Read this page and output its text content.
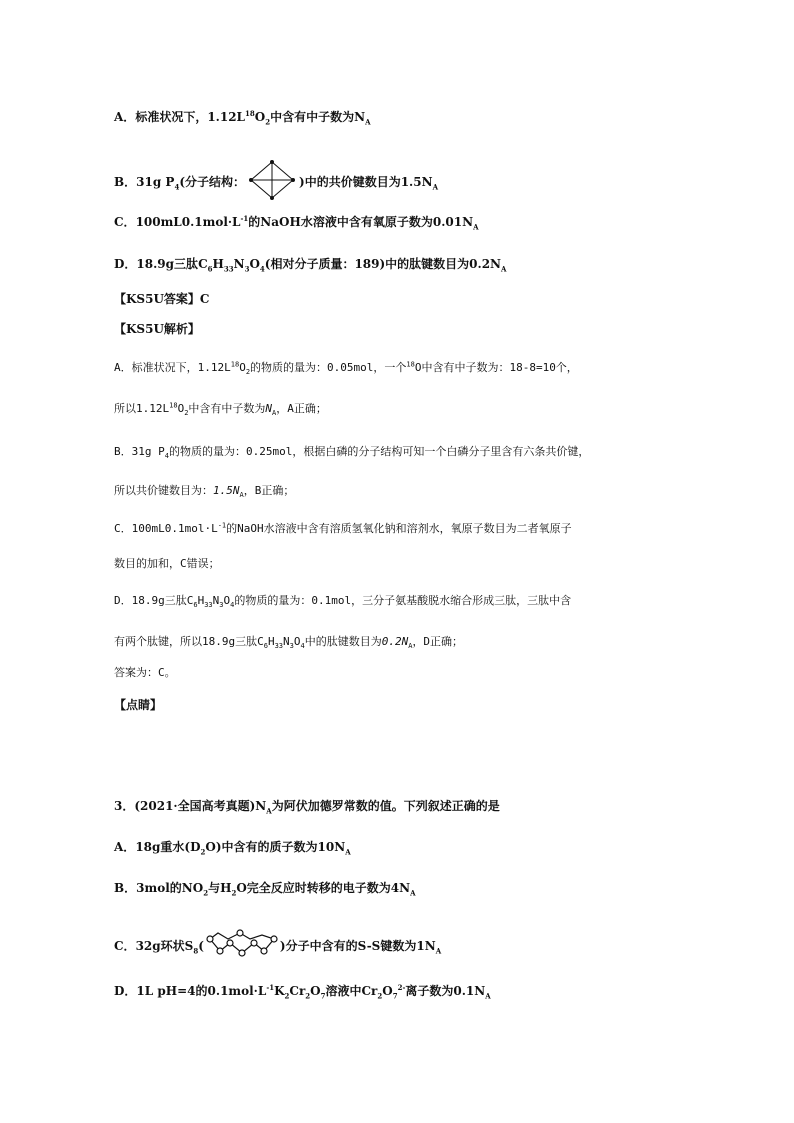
A．标准状况下，$1.12L^{18}O_2$中含有中子数为$N_A$
B．31g $P_4$(分子结构：	)中的共价键数目为$1.5N_A$
C．$100mL0.1mol\cdot L^{-1}$的NaOH水溶液中含有氧原子数为$0.01N_A$
D．18.9g三肽$C_6H_{33}N_3O_4$(相对分子质量：189)中的肽键数目为$0.2N_A$
【KS5U答案】C
【KS5U解析】
A．标准状况下，$1.12L^{18}O_2$的物质的量为：0.05mol，一个$^{18}$O中含有中子数为：18-8=10个，
所以$1.12L^{18}O_2$中含有中子数为$N_A$，A正确；
B．31g $P_4$的物质的量为：0.25mol，根据白磷的分子结构可知一个白磷分子里含有六条共价键，
所以共价键数目为：$1.5N_A$，B正确；
C．$100mL0.1mol\cdot L^{-1}$的NaOH水溶液中含有溶质氢氧化钠和溶剂水，氧原子数目为二者氧原子
数目的加和，C错误；
D．18.9g三肽$C_6H_{33}N_3O_4$的物质的量为：0.1mol，三分子氨基酸脱水缩合形成三肽，三肽中含
有两个肽键，所以18.9g三肽$C_6H_{33}N_3O_4$中的肽键数目为$0.2N_A$，D正确；
答案为：C。
【点睛】
3．(2021·全国高考真题)$N_A$为阿伏加德罗常数的值。下列叙述正确的是
A．18g重水$(D_2O)$中含有的质子数为$10N_A$
B．3mol的$NO_2$与$H_2O$完全反应时转移的电子数为$4N_A$
C．32g环状$S_8$(	)分子中含有的S-S键数为$1N_A$
D．1L pH=4的$0.1mol\cdot L^{-1}K_2Cr_2O_7$溶液中$Cr_2O_7^{2-}$离子数为$0.1N_A$
